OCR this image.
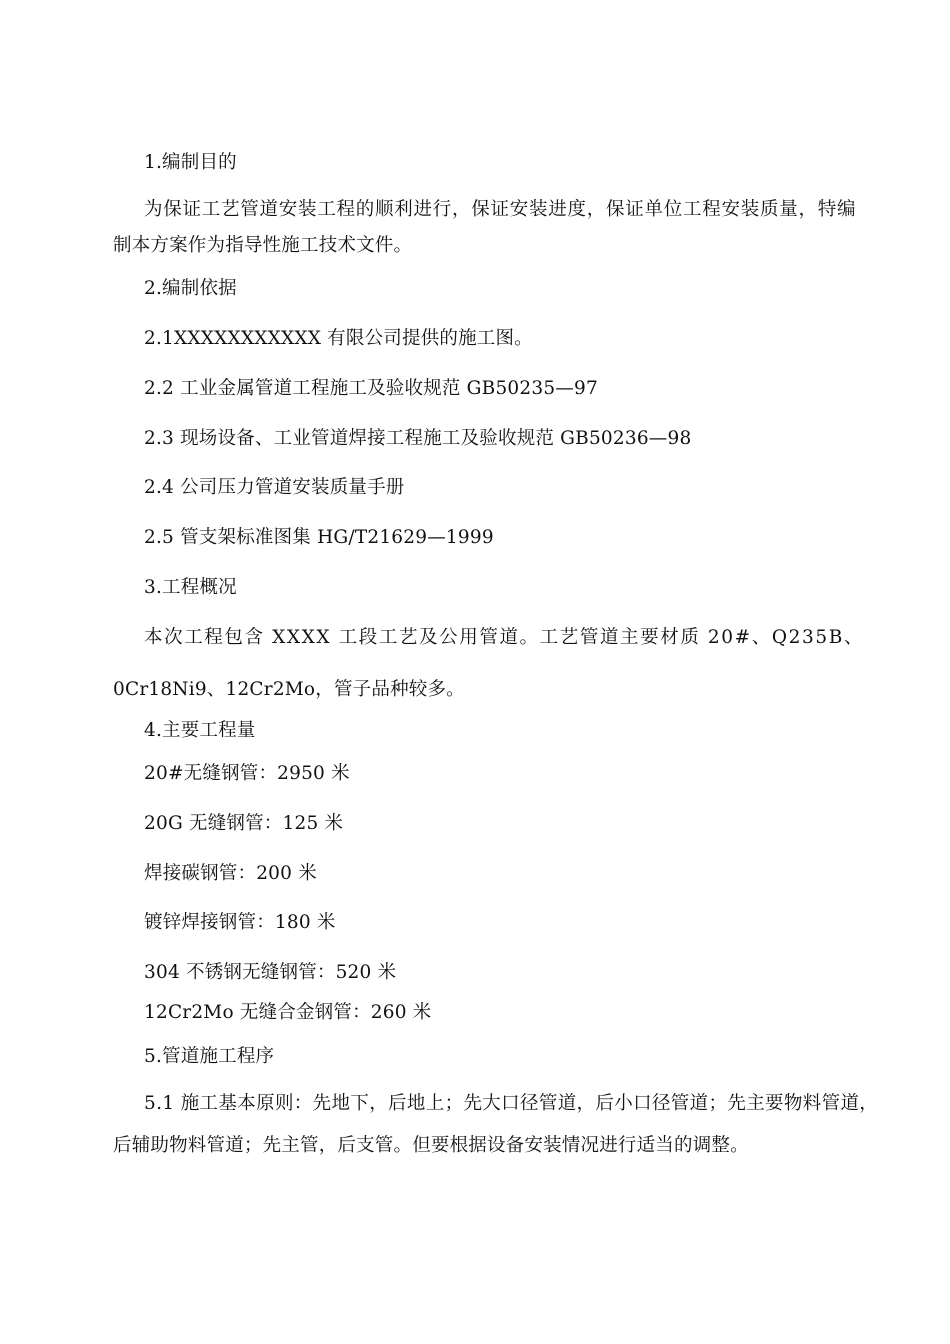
1.编制目的
为保证工艺管道安装工程的顺利进行，保证安装进度，保证单位工程安装质量，特编
制本方案作为指导性施工技术文件。
2.编制依据
2.1XXXXXXXXXXX 有限公司提供的施工图。
2.2 工业金属管道工程施工及验收规范 GB50235—97
2.3 现场设备、工业管道焊接工程施工及验收规范 GB50236—98
2.4 公司压力管道安装质量手册
2.5 管支架标准图集 HG/T21629—1999
3.工程概况
本次工程包含 XXXX 工段工艺及公用管道。工艺管道主要材质 20#、Q235B、
0Cr18Ni9、12Cr2Mo，管子品种较多。
4.主要工程量
20#无缝钢管：2950 米
20G 无缝钢管：125 米
焊接碳钢管：200 米
镀锌焊接钢管：180 米
304 不锈钢无缝钢管：520 米
12Cr2Mo 无缝合金钢管：260 米
5.管道施工程序
5.1 施工基本原则：先地下，后地上；先大口径管道，后小口径管道；先主要物料管道，
后辅助物料管道；先主管，后支管。但要根据设备安装情况进行适当的调整。
